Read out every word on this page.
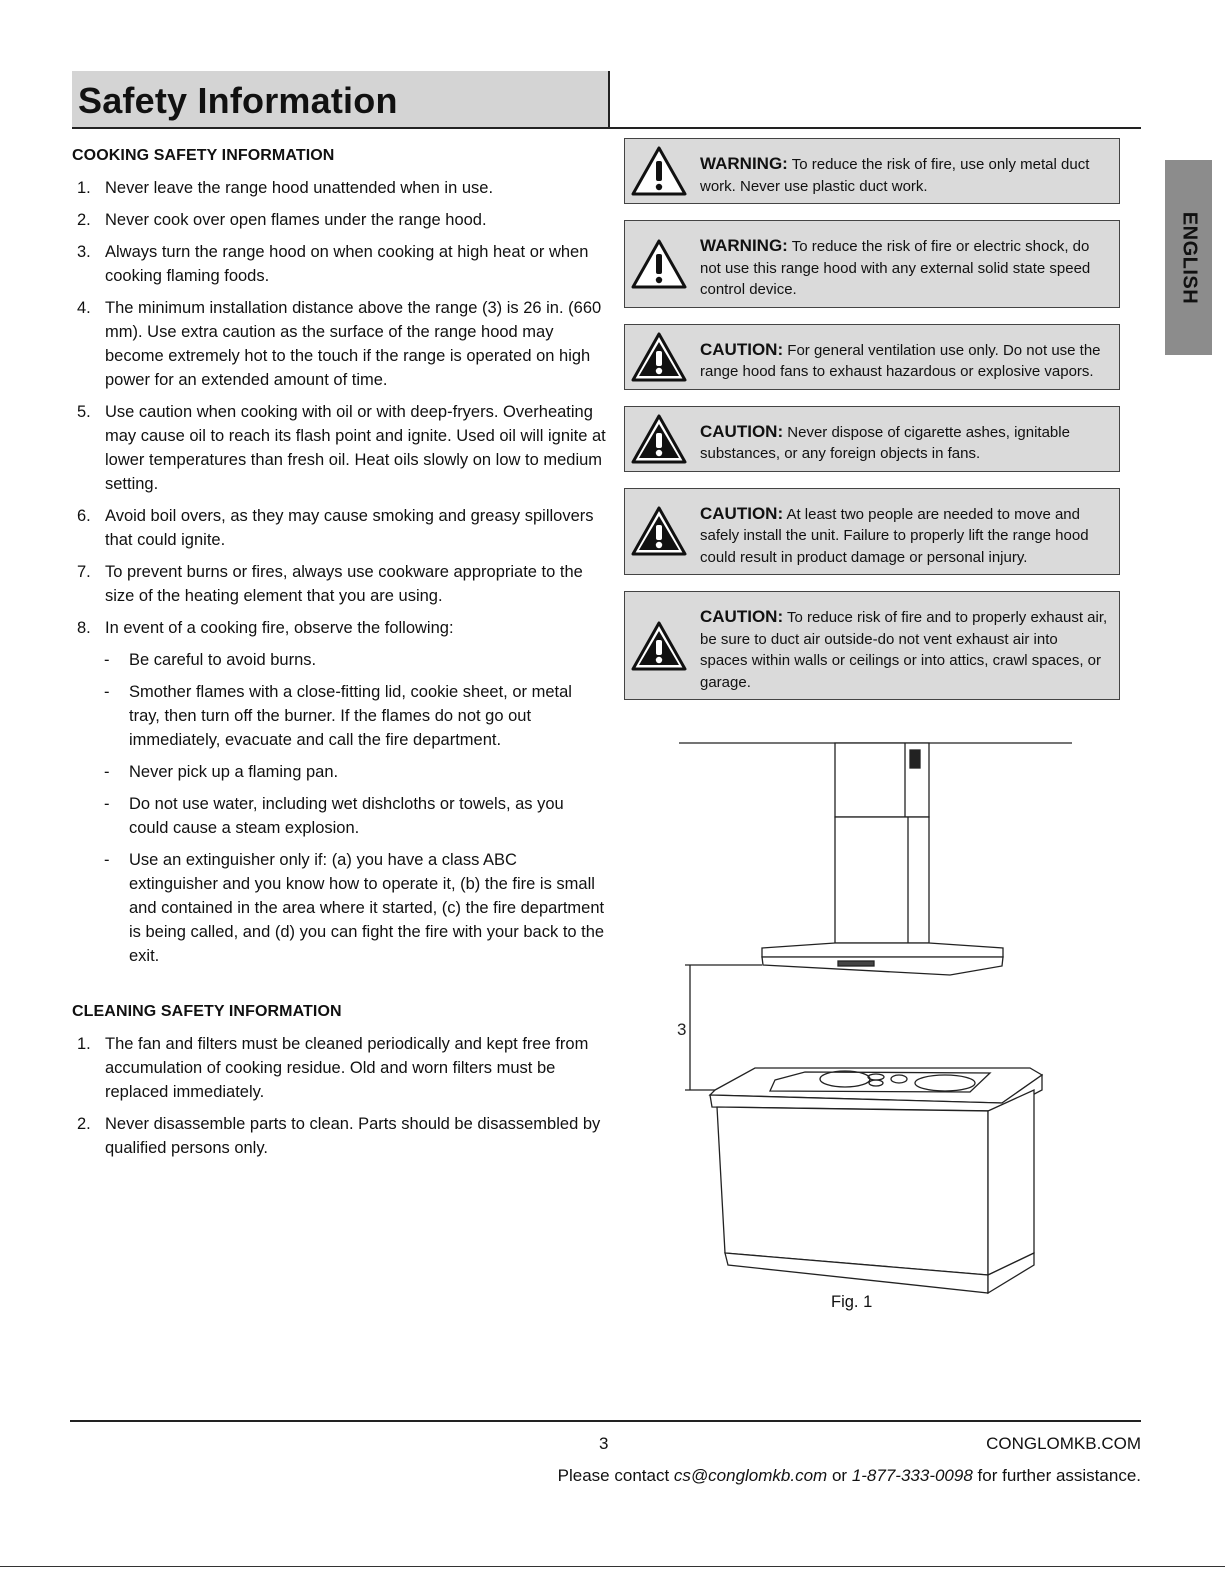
Safety Information
ENGLISH
COOKING SAFETY INFORMATION
1. Never leave the range hood unattended when in use.
2. Never cook over open flames under the range hood.
3. Always turn the range hood on when cooking at high heat or when cooking flaming foods.
4. The minimum installation distance above the range (3) is 26 in. (660 mm). Use extra caution as the surface of the range hood may become extremely hot to the touch if the range is operated on high power for an extended amount of time.
5. Use caution when cooking with oil or with deep-fryers. Overheating may cause oil to reach its flash point and ignite. Used oil will ignite at lower temperatures than fresh oil. Heat oils slowly on low to medium setting.
6. Avoid boil overs, as they may cause smoking and greasy spillovers that could ignite.
7. To prevent burns or fires, always use cookware appropriate to the size of the heating element that you are using.
8. In event of a cooking fire, observe the following:
- Be careful to avoid burns.
- Smother flames with a close-fitting lid, cookie sheet, or metal tray, then turn off the burner. If the flames do not go out immediately, evacuate and call the fire department.
- Never pick up a flaming pan.
- Do not use water, including wet dishcloths or towels, as you could cause a steam explosion.
- Use an extinguisher only if: (a) you have a class ABC extinguisher and you know how to operate it, (b) the fire is small and contained in the area where it started, (c) the fire department is being called, and (d) you can fight the fire with your back to the exit.
CLEANING SAFETY INFORMATION
1. The fan and filters must be cleaned periodically and kept free from accumulation of cooking residue. Old and worn filters must be replaced immediately.
2. Never disassemble parts to clean. Parts should be disassembled by qualified persons only.
WARNING: To reduce the risk of fire, use only metal duct work. Never use plastic duct work.
WARNING: To reduce the risk of fire or electric shock, do not use this range hood with any external solid state speed control device.
CAUTION: For general ventilation use only. Do not use the range hood fans to exhaust hazardous or explosive vapors.
CAUTION: Never dispose of cigarette ashes, ignitable substances, or any foreign objects in fans.
CAUTION: At least two people are needed to move and safely install the unit. Failure to properly lift the range hood could result in product damage or personal injury.
CAUTION: To reduce risk of fire and to properly exhaust air, be sure to duct air outside-do not vent exhaust air into spaces within walls or ceilings or into attics, crawl spaces, or garage.
3
Fig. 1
3	CONGLOMKB.COM
Please contact cs@conglomkb.com or 1-877-333-0098 for further assistance.
